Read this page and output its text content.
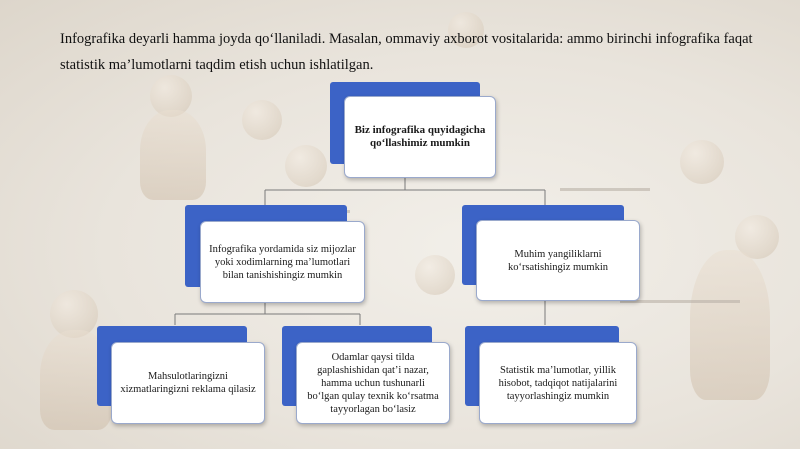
Infografika deyarli hamma joyda qo‘llaniladi. Masalan, ommaviy axborot vositalarida: ammo birinchi infografika faqat statistik ma’lumotlarni taqdim etish uchun ishlatilgan.
Biz infografika quyidagicha qo‘llashimiz mumkin
Infografika yordamida siz mijozlar yoki xodimlarning ma’lumotlari bilan tanishishingiz mumkin
Muhim yangiliklarni ko‘rsatishingiz mumkin
Mahsulotlaringizni xizmatlaringizni reklama qilasiz
Odamlar qaysi tilda gaplashishidan qat’i nazar, hamma uchun tushunarli bo‘lgan qulay texnik ko‘rsatma tayyorlagan bo‘lasiz
Statistik ma’lumotlar, yillik hisobot, tadqiqot natijalarini tayyorlashingiz mumkin
